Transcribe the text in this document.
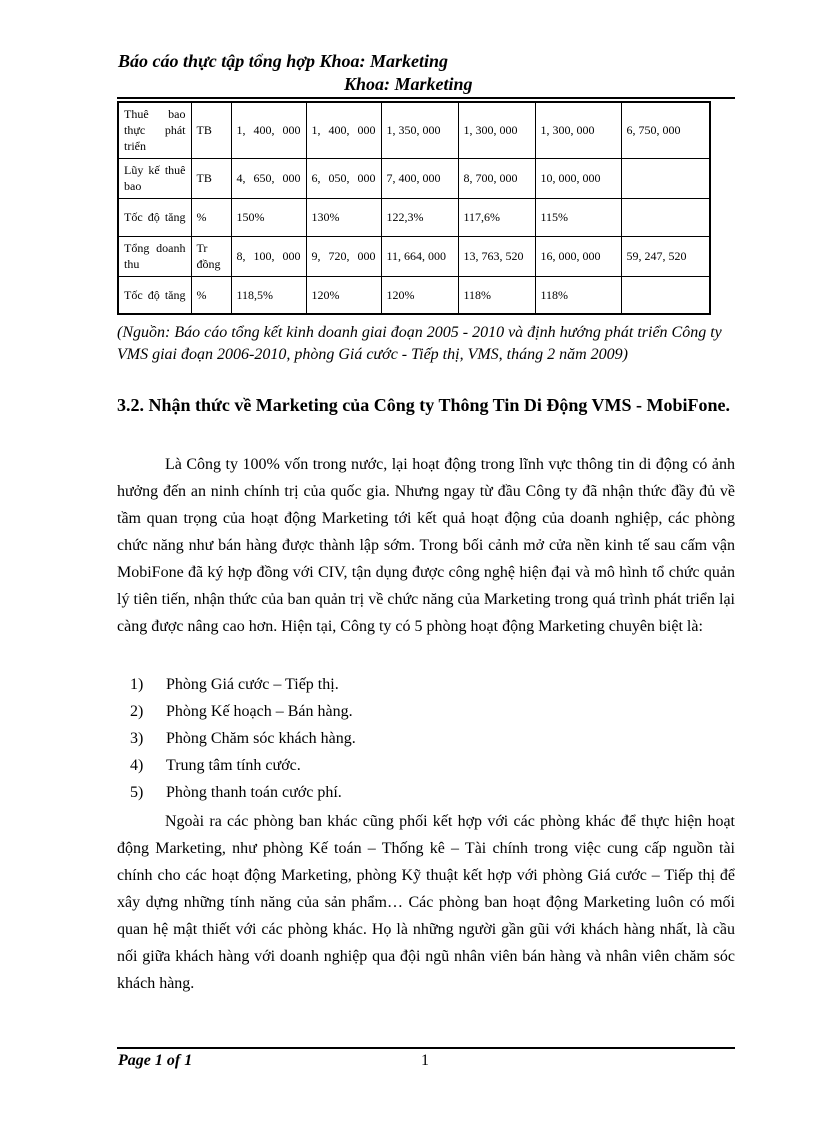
Báo cáo thực tập tổng hợp Khoa: Marketing
Khoa: Marketing
Thuê bao thực phát triển	TB	1, 400, 000	1, 400, 000	1, 350, 000	1, 300, 000	1, 300, 000	6, 750, 000
Lũy kế thuê bao	TB	4, 650, 000	6, 050, 000	7, 400, 000	8, 700, 000	10, 000, 000	
Tốc độ tăng	%	150%	130%	122,3%	117,6%	115%	
Tổng doanh thu	Tr đồng	8, 100, 000	9, 720, 000	11, 664, 000	13, 763, 520	16, 000, 000	59, 247, 520
Tốc độ tăng	%	118,5%	120%	120%	118%	118%	
(Nguồn: Báo cáo tổng kết kinh doanh giai đoạn 2005 - 2010 và định hướng phát triển Công ty VMS giai đoạn 2006-2010, phòng Giá cước - Tiếp thị, VMS, tháng 2 năm 2009)
3.2. Nhận thức về Marketing của Công ty Thông Tin Di Động VMS - MobiFone.

Là Công ty 100% vốn trong nước, lại hoạt động trong lĩnh vực thông tin di động có ảnh hưởng đến an ninh chính trị của quốc gia. Nhưng ngay từ đầu Công ty đã nhận thức đầy đủ về tầm quan trọng của hoạt động Marketing tới kết quả hoạt động của doanh nghiệp, các phòng chức năng như bán hàng được thành lập sớm. Trong bối cảnh mở cửa nền kinh tế sau cấm vận MobiFone đã ký hợp đồng với CIV, tận dụng được công nghệ hiện đại và mô hình tổ chức quản lý tiên tiến, nhận thức của ban quản trị về chức năng của Marketing trong quá trình phát triển lại càng được nâng cao hơn. Hiện tại, Công ty có 5 phòng hoạt động Marketing chuyên biệt là:

1) Phòng Giá cước – Tiếp thị.
2) Phòng Kế hoạch – Bán hàng.
3) Phòng Chăm sóc khách hàng.
4) Trung tâm tính cước.
5) Phòng thanh toán cước phí.

Ngoài ra các phòng ban khác cũng phối kết hợp với các phòng khác để thực hiện hoạt động Marketing, như phòng Kế toán – Thống kê – Tài chính trong việc cung cấp nguồn tài chính cho các hoạt động Marketing, phòng Kỹ thuật kết hợp với phòng Giá cước – Tiếp thị để xây dựng những tính năng của sản phẩm… Các phòng ban hoạt động Marketing luôn có mối quan hệ mật thiết với các phòng khác. Họ là những người gần gũi với khách hàng nhất, là cầu nối giữa khách hàng với doanh nghiệp qua đội ngũ nhân viên bán hàng và nhân viên chăm sóc khách hàng.

Page 1 of 1	1
